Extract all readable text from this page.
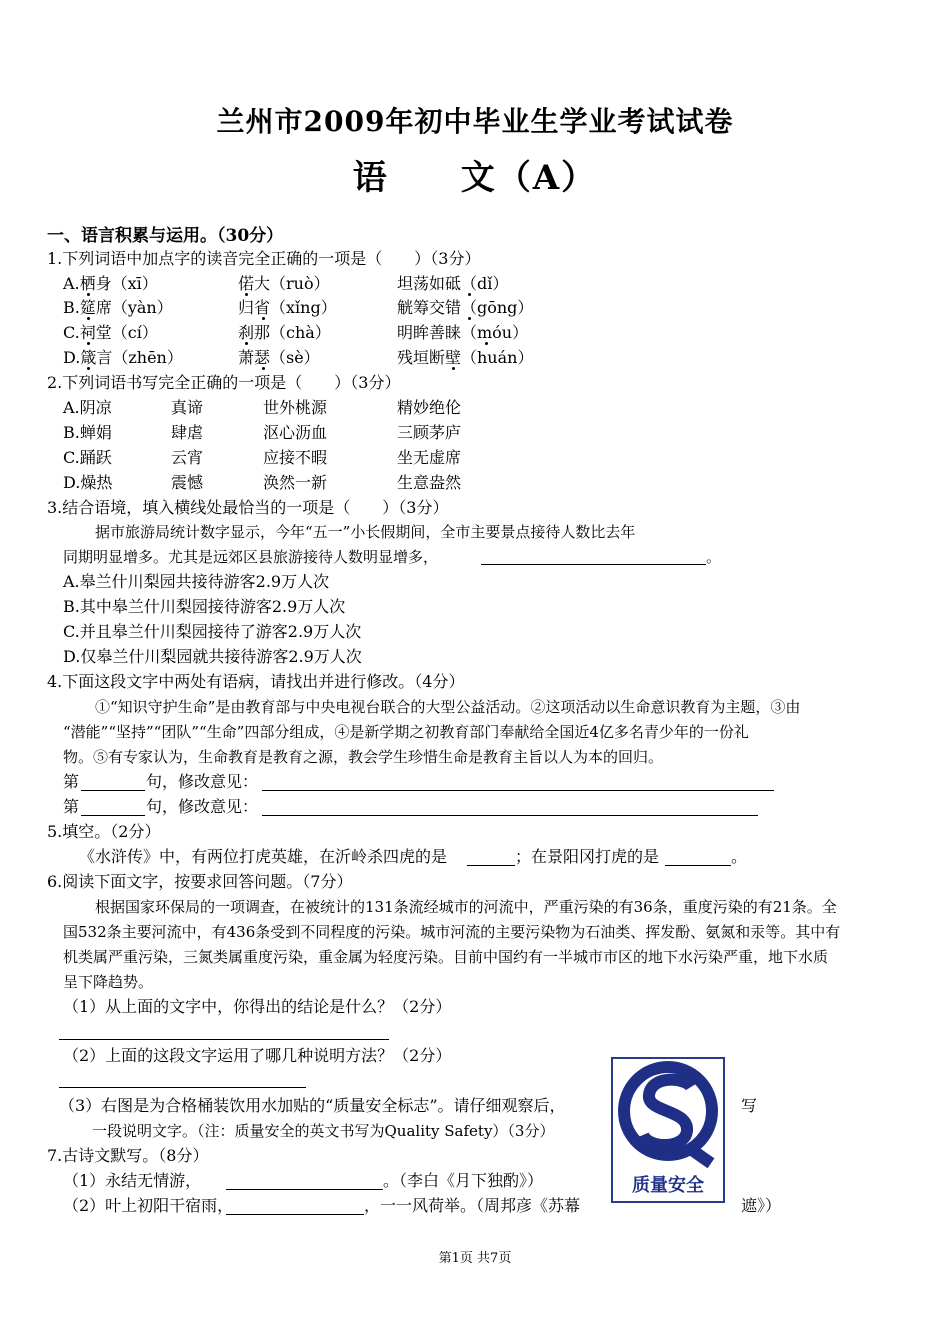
兰州市2009年初中毕业生学业考试试卷
语　　文（A）
一、语言积累与运用。（30分）
1.下列词语中加点字的读音完全正确的一项是（　　）（3分）
A.栖身（xī）	偌大（ruò）	坦荡如砥（dǐ）
B.筵席（yàn）	归省（xǐng）	觥筹交错（gōng）
C.祠堂（cí）	刹那（chà）	明眸善睐（móu）
D.箴言（zhēn）	萧瑟（sè）	残垣断壁（huán）
2.下列词语书写完全正确的一项是（　　）（3分）
A.阴凉	真谛	世外桃源	精妙绝伦
B.蝉娟	肆虐	沤心沥血	三顾茅庐
C.踊跃	云宵	应接不暇	坐无虚席
D.燥热	震憾	涣然一新	生意盎然
3.结合语境，填入横线处最恰当的一项是（　　）（3分）
据市旅游局统计数字显示，今年“五一”小长假期间，全市主要景点接待人数比去年
同期明显增多。尤其是远郊区县旅游接待人数明显增多，	。
A.皋兰什川梨园共接待游客2.9万人次
B.其中皋兰什川梨园接待游客2.9万人次
C.并且皋兰什川梨园接待了游客2.9万人次
D.仅皋兰什川梨园就共接待游客2.9万人次
4.下面这段文字中两处有语病，请找出并进行修改。（4分）
①“知识守护生命”是由教育部与中央电视台联合的大型公益活动。②这项活动以生命意识教育为主题，③由
“潜能”“坚持”“团队”“生命”四部分组成，④是新学期之初教育部门奉献给全国近4亿多名青少年的一份礼
物。⑤有专家认为，生命教育是教育之源，教会学生珍惜生命是教育主旨以人为本的回归。
第	句，修改意见：
第	句，修改意见：
5.填空。（2分）
《水浒传》中，有两位打虎英雄，在沂岭杀四虎的是	；在景阳冈打虎的是	。
6.阅读下面文字，按要求回答问题。（7分）
根据国家环保局的一项调查，在被统计的131条流经城市的河流中，严重污染的有36条，重度污染的有21条。全
国532条主要河流中，有436条受到不同程度的污染。城市河流的主要污染物为石油类、挥发酚、氨氮和汞等。其中有
机类属严重污染，三氮类属重度污染，重金属为轻度污染。目前中国约有一半城市市区的地下水污染严重，地下水质
呈下降趋势。
（1）从上面的文字中，你得出的结论是什么？（2分）
（2）上面的这段文字运用了哪几种说明方法？（2分）
（3）右图是为合格桶装饮用水加贴的“质量安全标志”。请仔细观察后，	写
一段说明文字。（注：质量安全的英文书写为Quality Safety）（3分）
质量安全
7.古诗文默写。（8分）
（1）永结无情游，	。（李白《月下独酌》）
（2）叶上初阳干宿雨，	，一一风荷举。（周邦彦《苏幕	遮》）
第1页 共7页
